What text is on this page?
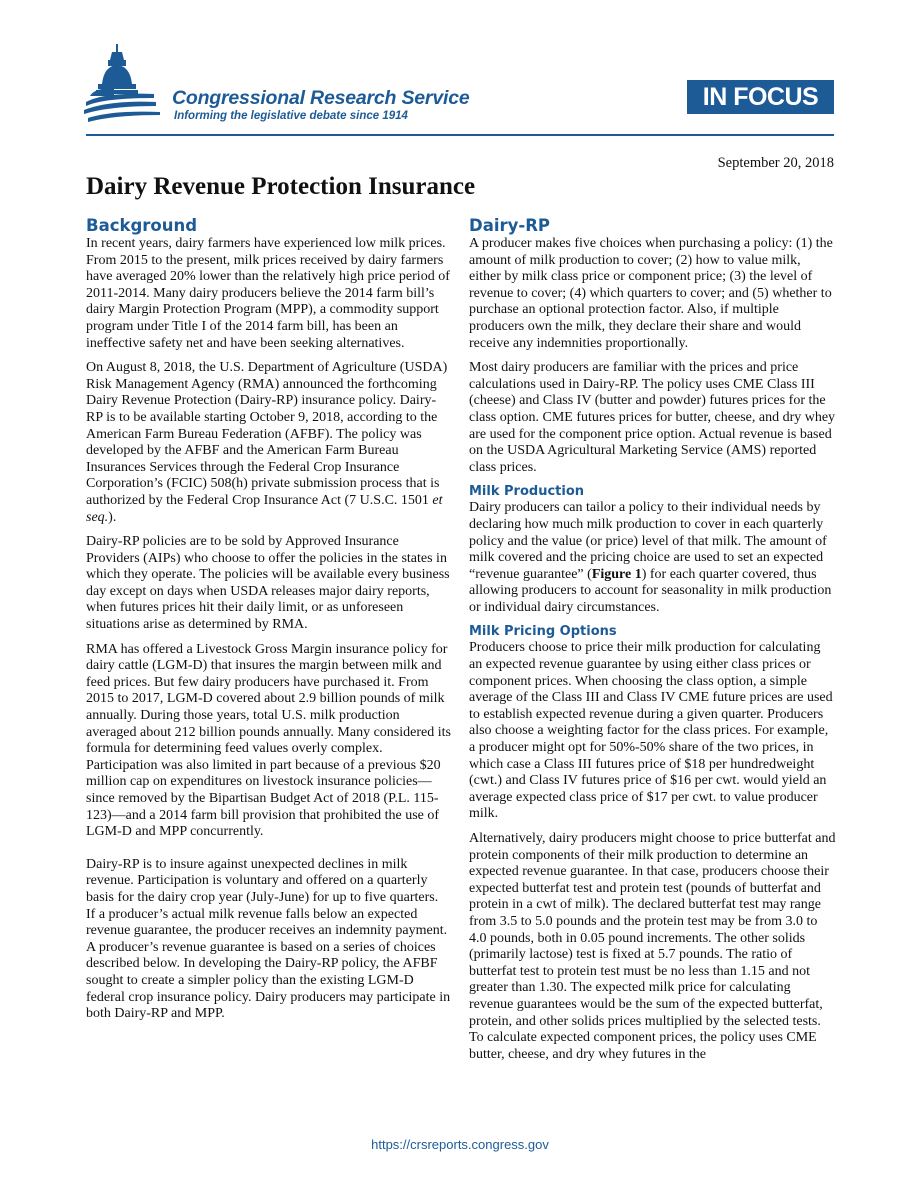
Congressional Research Service
Informing the legislative debate since 1914
IN FOCUS
September 20, 2018
Dairy Revenue Protection Insurance
Background

In recent years, dairy farmers have experienced low milk prices. From 2015 to the present, milk prices received by dairy farmers have averaged 20% lower than the relatively high price period of 2011-2014. Many dairy producers believe the 2014 farm bill’s dairy Margin Protection Program (MPP), a commodity support program under Title I of the 2014 farm bill, has been an ineffective safety net and have been seeking alternatives.

On August 8, 2018, the U.S. Department of Agriculture (USDA) Risk Management Agency (RMA) announced the forthcoming Dairy Revenue Protection (Dairy-RP) insurance policy. Dairy-RP is to be available starting October 9, 2018, according to the American Farm Bureau Federation (AFBF). The policy was developed by the AFBF and the American Farm Bureau Insurances Services through the Federal Crop Insurance Corporation’s (FCIC) 508(h) private submission process that is authorized by the Federal Crop Insurance Act (7 U.S.C. 1501 et seq.).

Dairy-RP policies are to be sold by Approved Insurance Providers (AIPs) who choose to offer the policies in the states in which they operate. The policies will be available every business day except on days when USDA releases major dairy reports, when futures prices hit their daily limit, or as unforeseen situations arise as determined by RMA.

RMA has offered a Livestock Gross Margin insurance policy for dairy cattle (LGM-D) that insures the margin between milk and feed prices. But few dairy producers have purchased it. From 2015 to 2017, LGM-D covered about 2.9 billion pounds of milk annually. During those years, total U.S. milk production averaged about 212 billion pounds annually. Many considered its formula for determining feed values overly complex. Participation was also limited in part because of a previous $20 million cap on expenditures on livestock insurance policies—since removed by the Bipartisan Budget Act of 2018 (P.L. 115-123)—and a 2014 farm bill provision that prohibited the use of LGM-D and MPP concurrently.

Dairy-RP is to insure against unexpected declines in milk revenue. Participation is voluntary and offered on a quarterly basis for the dairy crop year (July-June) for up to five quarters. If a producer’s actual milk revenue falls below an expected revenue guarantee, the producer receives an indemnity payment. A producer’s revenue guarantee is based on a series of choices described below. In developing the Dairy-RP policy, the AFBF sought to create a simpler policy than the existing LGM-D federal crop insurance policy. Dairy producers may participate in both Dairy-RP and MPP.

Dairy-RP

A producer makes five choices when purchasing a policy: (1) the amount of milk production to cover; (2) how to value milk, either by milk class price or component price; (3) the level of revenue to cover; (4) which quarters to cover; and (5) whether to purchase an optional protection factor. Also, if multiple producers own the milk, they declare their share and would receive any indemnities proportionally.

Most dairy producers are familiar with the prices and price calculations used in Dairy-RP. The policy uses CME Class III (cheese) and Class IV (butter and powder) futures prices for the class option. CME futures prices for butter, cheese, and dry whey are used for the component price option. Actual revenue is based on the USDA Agricultural Marketing Service (AMS) reported class prices.

Milk Production

Dairy producers can tailor a policy to their individual needs by declaring how much milk production to cover in each quarterly policy and the value (or price) level of that milk. The amount of milk covered and the pricing choice are used to set an expected “revenue guarantee” (Figure 1) for each quarter covered, thus allowing producers to account for seasonality in milk production or individual dairy circumstances.

Milk Pricing Options

Producers choose to price their milk production for calculating an expected revenue guarantee by using either class prices or component prices. When choosing the class option, a simple average of the Class III and Class IV CME future prices are used to establish expected revenue during a given quarter. Producers also choose a weighting factor for the class prices. For example, a producer might opt for 50%-50% share of the two prices, in which case a Class III futures price of $18 per hundredweight (cwt.) and Class IV futures price of $16 per cwt. would yield an average expected class price of $17 per cwt. to value producer milk.

Alternatively, dairy producers might choose to price butterfat and protein components of their milk production to determine an expected revenue guarantee. In that case, producers choose their expected butterfat test and protein test (pounds of butterfat and protein in a cwt of milk). The declared butterfat test may range from 3.5 to 5.0 pounds and the protein test may be from 3.0 to 4.0 pounds, both in 0.05 pound increments. The other solids (primarily lactose) test is fixed at 5.7 pounds. The ratio of butterfat test to protein test must be no less than 1.15 and not greater than 1.30. The expected milk price for calculating revenue guarantees would be the sum of the expected butterfat, protein, and other solids prices multiplied by the selected tests. To calculate expected component prices, the policy uses CME butter, cheese, and dry whey futures in the

https://crsreports.congress.gov
